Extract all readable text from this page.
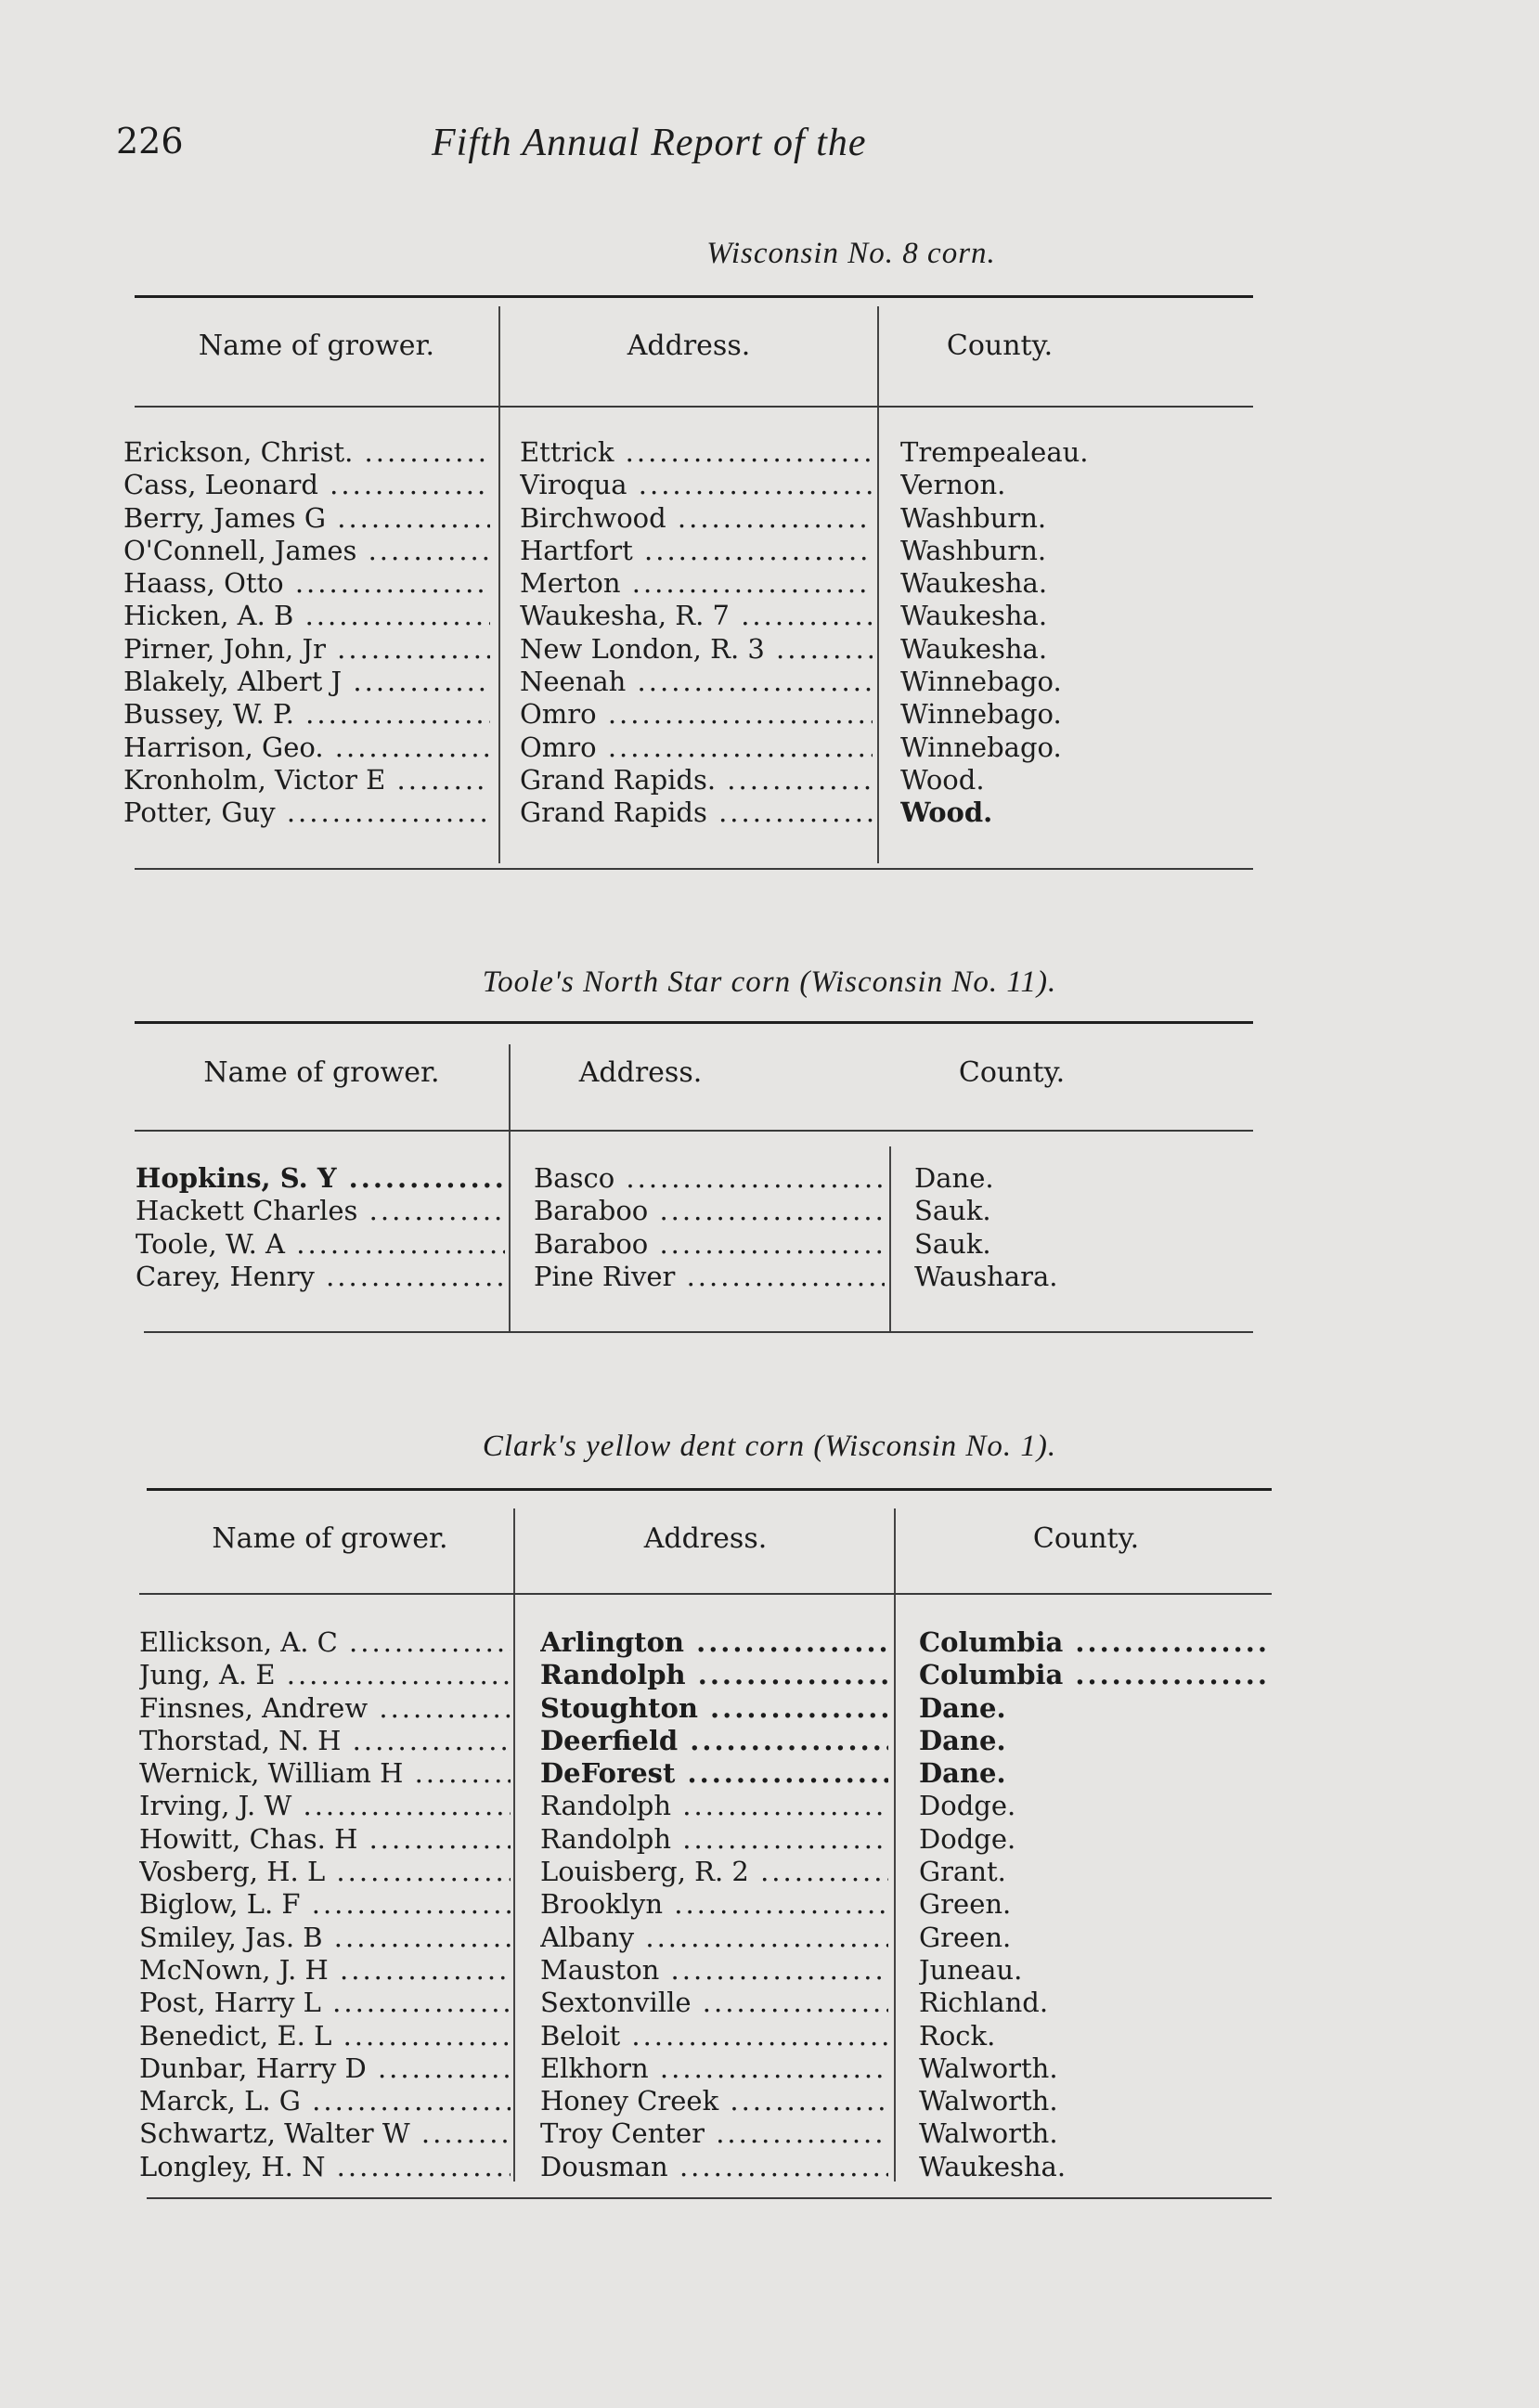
226	Fifth Annual Report of the
Wisconsin No. 8 corn.
Name of grower.	Address.	County.
Erickson, Christ. .....	Ettrick .....	Trempealeau.
Cass, Leonard .....	Viroqua .....	Vernon.
Berry, James G .....	Birchwood .....	Washburn.
O'Connell, James .....	Hartfort .....	Washburn.
Haass, Otto .....	Merton .....	Waukesha.
Hicken, A. B .....	Waukesha, R. 7 .....	Waukesha.
Pirner, John, Jr .....	New London, R. 3 .....	Waukesha.
Blakely, Albert J .....	Neenah .....	Winnebago.
Bussey, W. P. .....	Omro .....	Winnebago.
Harrison, Geo. .....	Omro .....	Winnebago.
Kronholm, Victor E .....	Grand Rapids. .....	Wood.
Potter, Guy .....	Grand Rapids .....	Wood.
Toole's North Star corn (Wisconsin No. 11).
Name of grower.	Address.	County.
Hopkins, S. Y .....	Basco .....	Dane.
Hackett Charles .....	Baraboo .....	Sauk.
Toole, W. A .....	Baraboo .....	Sauk.
Carey, Henry .....	Pine River .....	Waushara.
Clark's yellow dent corn (Wisconsin No. 1).
Name of grower.	Address.	County.
Ellickson, A. C .....	Arlington .....	Columbia .....
Jung, A. E .....	Randolph .....	Columbia .....
Finsnes, Andrew .....	Stoughton .....	Dane.
Thorstad, N. H .....	Deerfield .....	Dane.
Wernick, William H .....	DeForest .....	Dane.
Irving, J. W .....	Randolph .....	Dodge.
Howitt, Chas. H .....	Randolph .....	Dodge.
Vosberg, H. L .....	Louisberg, R. 2 .....	Grant.
Biglow, L. F .....	Brooklyn .....	Green.
Smiley, Jas. B .....	Albany .....	Green.
McNown, J. H .....	Mauston .....	Juneau.
Post, Harry L .....	Sextonville .....	Richland.
Benedict, E. L .....	Beloit .....	Rock.
Dunbar, Harry D .....	Elkhorn .....	Walworth.
Marck, L. G .....	Honey Creek .....	Walworth.
Schwartz, Walter W .....	Troy Center .....	Walworth.
Longley, H. N .....	Dousman .....	Waukesha.
